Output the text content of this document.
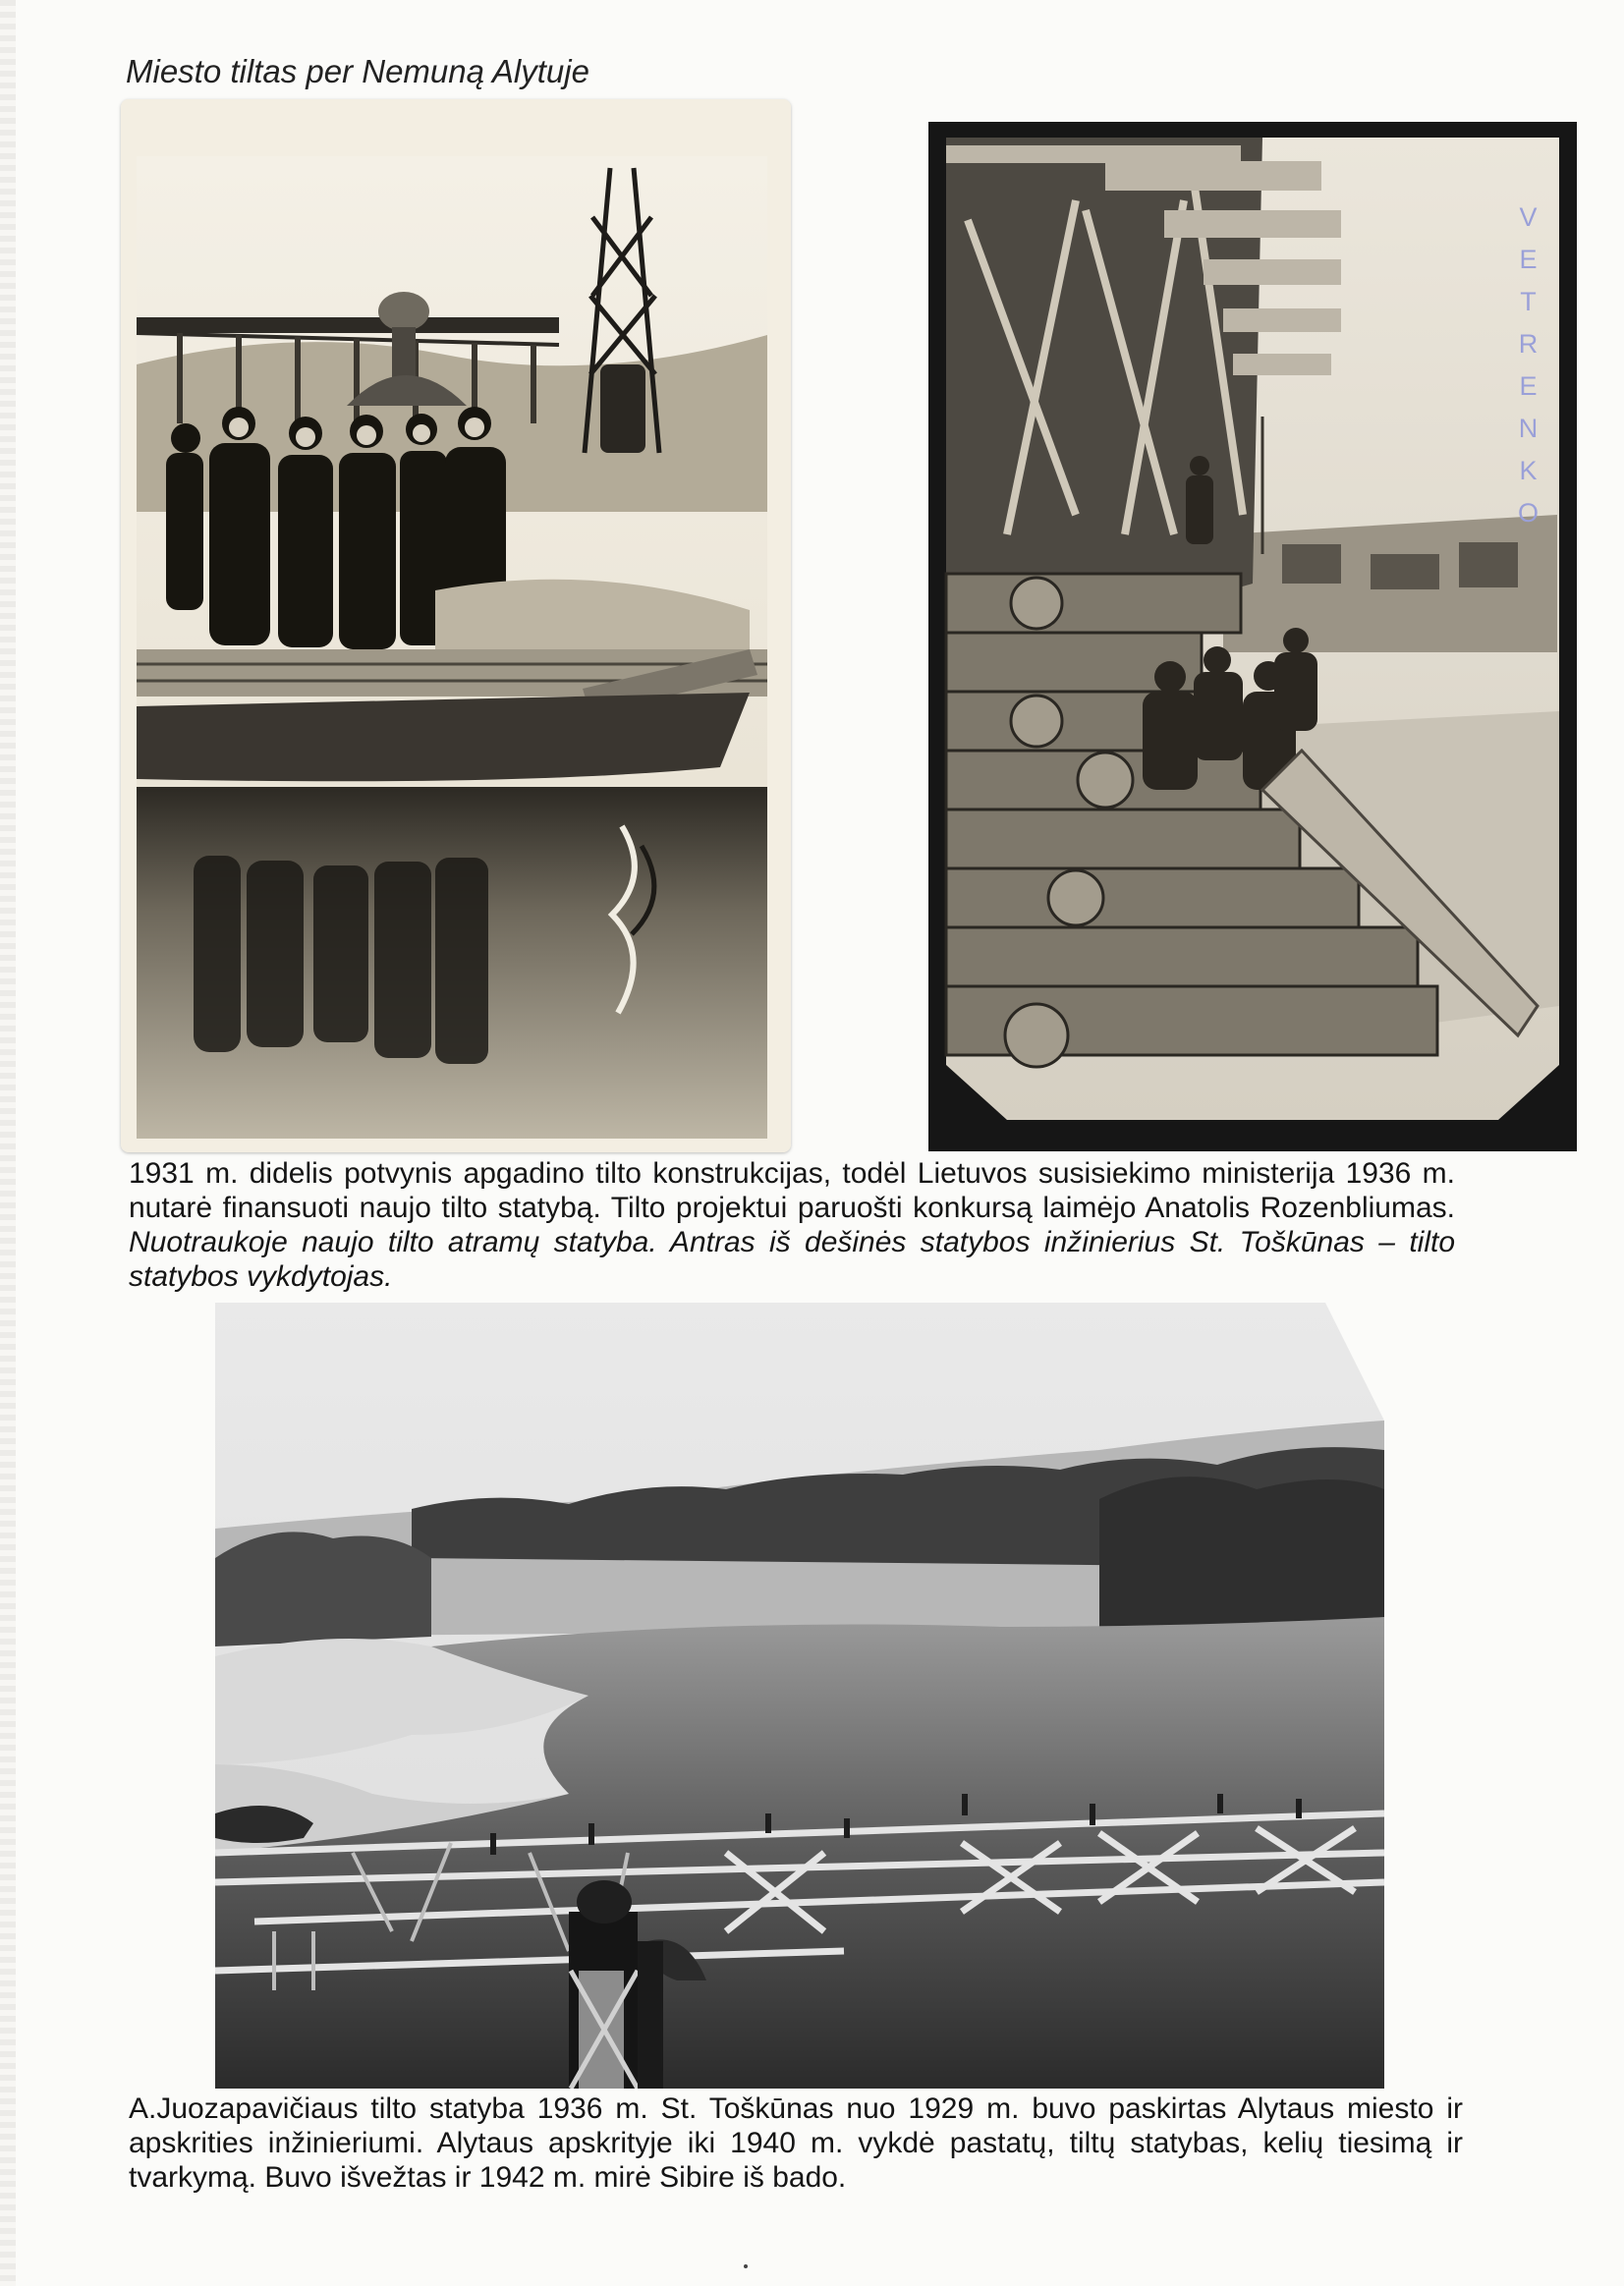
Miesto tiltas per Nemuną Alytuje
V
E
T
R
E
N
K
O

1931 m. didelis potvynis apgadino tilto konstrukcijas, todėl Lietuvos susisiekimo ministerija 1936 m. nutarė finansuoti naujo tilto statybą. Tilto projektui paruošti konkursą laimėjo Anatolis Rozenbliumas. Nuotraukoje naujo tilto atramų statyba. Antras iš dešinės statybos inžinierius St. Toškūnas – tilto statybos vykdytojas.

A.Juozapavičiaus tilto statyba 1936 m. St. Toškūnas nuo 1929 m. buvo paskirtas Alytaus miesto ir apskrities inžinieriumi. Alytaus apskrityje iki 1940 m. vykdė pastatų, tiltų statybas, kelių tiesimą ir tvarkymą. Buvo išvežtas ir 1942 m. mirė Sibire iš bado.
